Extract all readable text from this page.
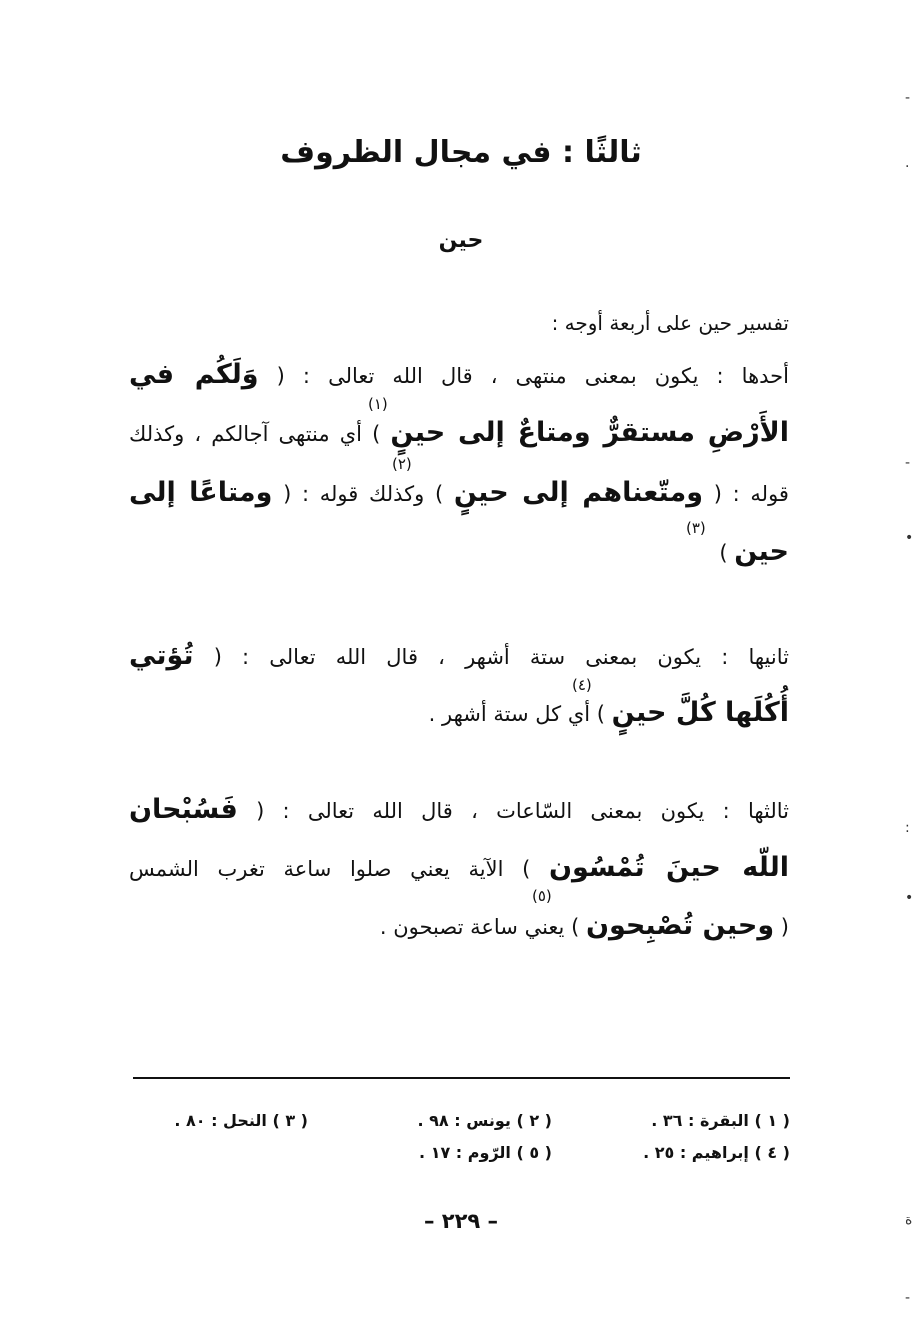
ثالثًا : في مجال الظروف
حين
تفسير حين على أربعة أوجه :
أحدها : يكون بمعنى منتهى ، قال الله تعالى : ( وَلَكُم في
(١)
الأَرْضِ مستقرٌّ ومتاعٌ إلى حينٍ ) أي منتهى آجالكم ، وكذلك
(٢)
قوله : ( ومتّعناهم إلى حينٍ ) وكذلك قوله : ( ومتاعًا إلى
(٣)
حين )
ثانيها : يكون بمعنى ستة أشهر ، قال الله تعالى : ( تُؤتي
(٤)
أُكُلَها كُلَّ حينٍ ) أي كل ستة أشهر .
ثالثها : يكون بمعنى السّاعات ، قال الله تعالى : ( فَسُبْحان
اللّه حينَ تُمْسُون ) الآية يعني صلوا ساعة تغرب الشمس
(٥)
( وحين تُصْبِحون ) يعني ساعة تصبحون .
( ١ ) البقرة : ٣٦ .
( ٢ ) يونس : ٩٨ .
( ٣ ) النحل : ٨٠ .
( ٤ ) إبراهيم : ٢٥ .
( ٥ ) الرّوم : ١٧ .
– ٢٢٩ –
-
.
-
•
:
•
ة
-
